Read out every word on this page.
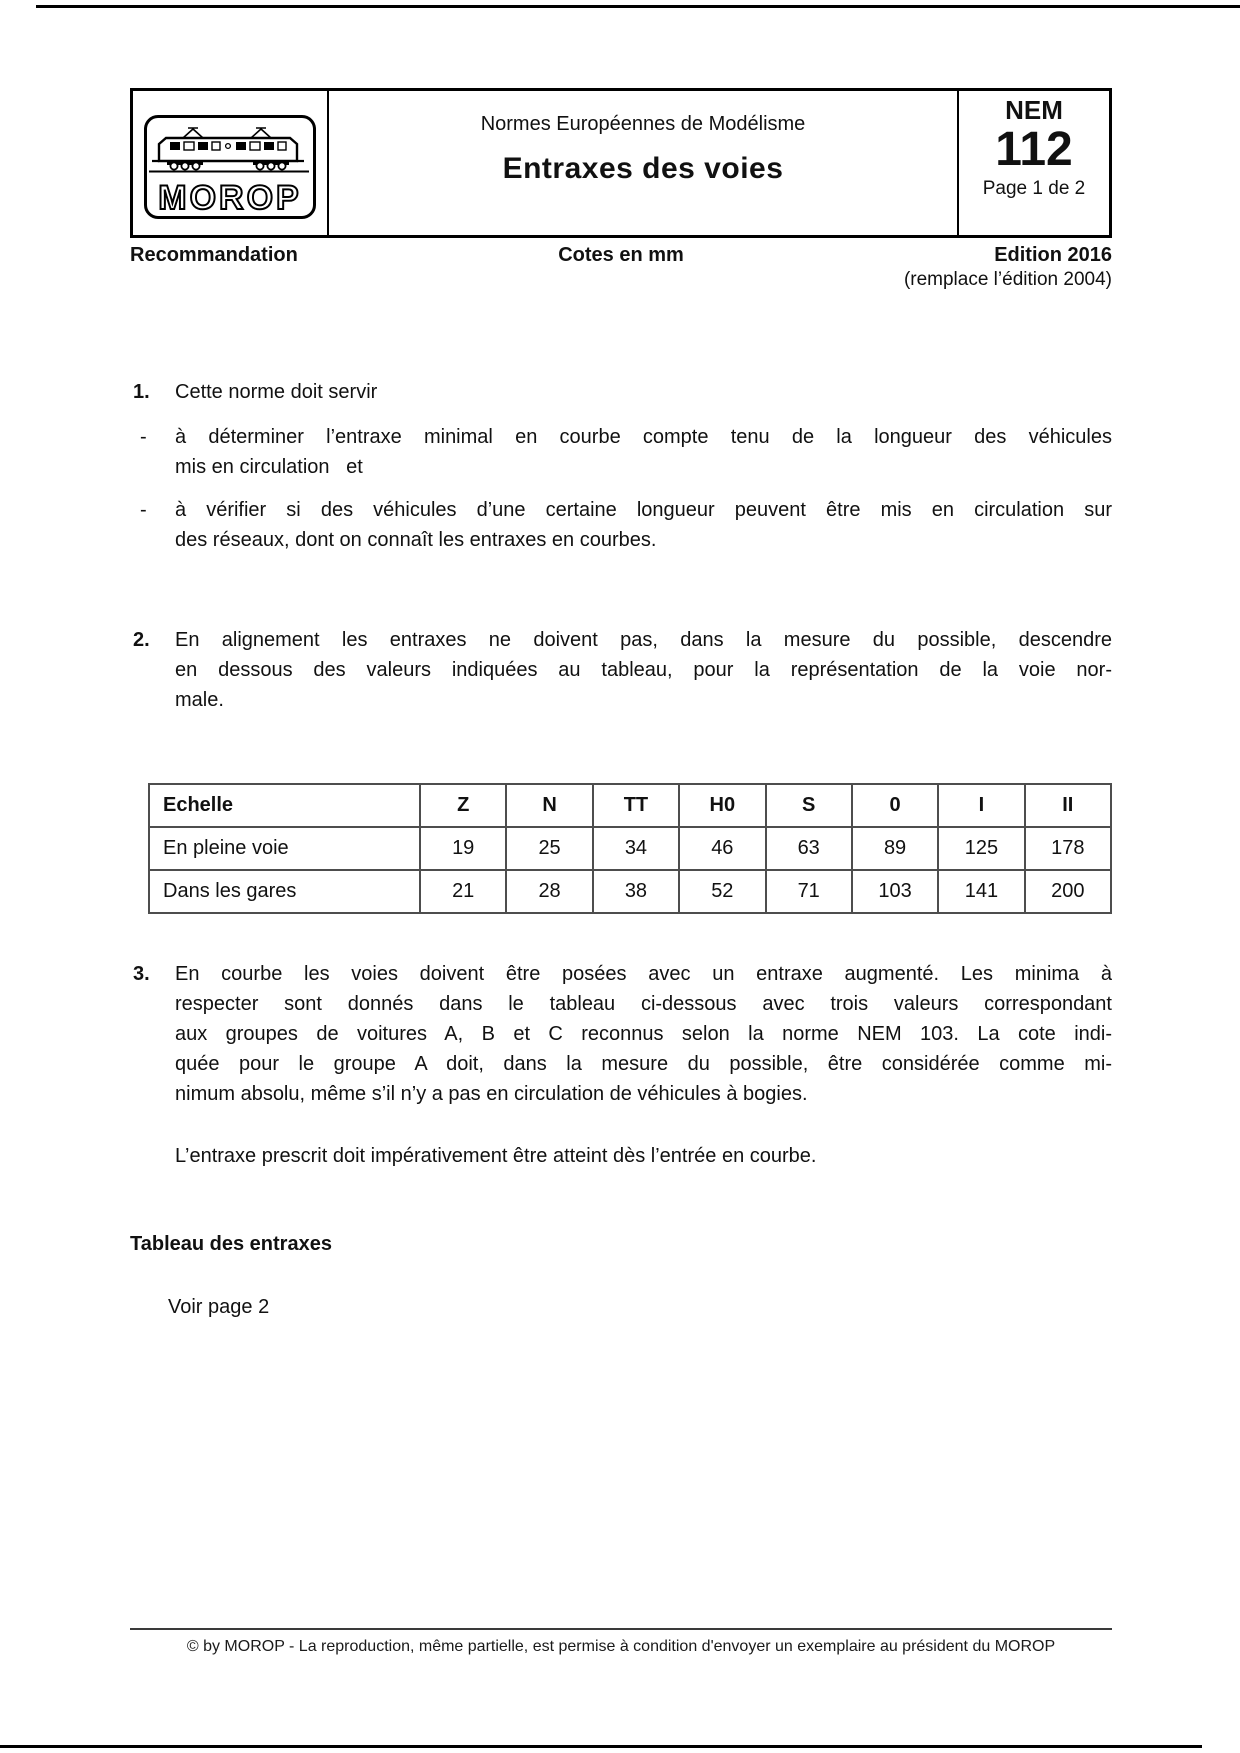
MOROP
Normes Européennes de Modélisme
Entraxes des voies
NEM
112
Page 1 de 2
Recommandation	Cotes en mm	Edition 2016
(remplace l’édition 2004)
1. Cette norme doit servir
- à déterminer l’entraxe minimal en courbe compte tenu de la longueur des véhicules
mis en circulation   et
- à vérifier si des véhicules d’une certaine longueur peuvent être mis en circulation sur
des réseaux, dont on connaît les entraxes en courbes.
2. En alignement les entraxes ne doivent pas, dans la mesure du possible, descendre
en dessous des valeurs indiquées au tableau, pour la représentation de la voie nor-
male.
Echelle	Z	N	TT	H0	S	0	I	II
En pleine voie	19	25	34	46	63	89	125	178
Dans les gares	21	28	38	52	71	103	141	200
3. En courbe les voies doivent être posées avec un entraxe augmenté. Les minima à
respecter sont donnés dans le tableau ci-dessous avec trois valeurs correspondant
aux groupes de voitures A, B et C reconnus selon la norme NEM 103. La cote indi-
quée pour le groupe A doit, dans la mesure du possible, être considérée comme mi-
nimum absolu, même s’il n’y a pas en circulation de véhicules à bogies.
L’entraxe prescrit doit impérativement être atteint dès l’entrée en courbe.
Tableau des entraxes
Voir page 2
© by MOROP - La reproduction, même partielle, est permise à condition d'envoyer un exemplaire au président du MOROP
